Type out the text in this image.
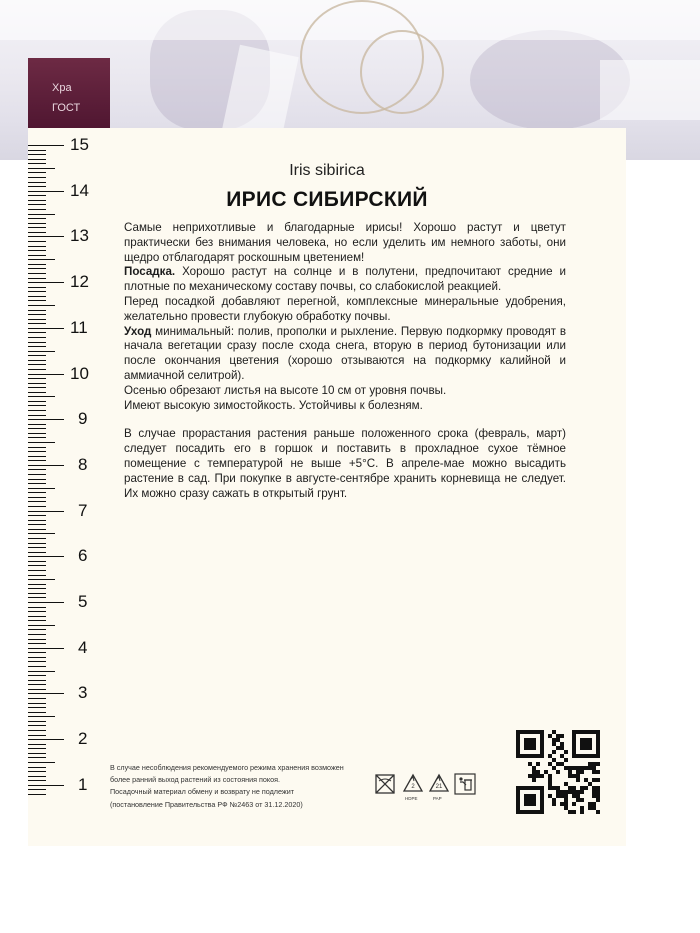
Хра
ГОСТ
15
14
13
12
11
10
9
8
7
6
5
4
3
2
1
Iris sibirica
ИРИС СИБИРСКИЙ

Самые неприхотливые и благодарные ирисы! Хорошо растут и цветут практически без внимания человека, но если уделить им немного заботы, они щедро отблагодарят роскошным цветением!

Посадка. Хорошо растут на солнце и в полутени, предпочитают средние и плотные по механическому составу почвы, со слабокислой реакцией.

Перед посадкой добавляют перегной, комплексные минеральные удобрения, желательно провести глубокую обработку почвы.

Уход минимальный: полив, прополки и рыхление. Первую подкормку проводят в начала вегетации сразу после схода снега, вторую в период бутонизации или после окончания цветения (хорошо отзываются на подкормку калийной и аммиачной селитрой).

Осенью обрезают листья на высоте 10 см от уровня почвы.

Имеют высокую зимостойкость. Устойчивы к болезням.

В случае прорастания растения раньше положенного срока (февраль, март) следует посадить его в горшок и поставить в прохладное сухое тёмное помещение с температурой не выше +5°С. В апреле-мае можно высадить растение в сад. При покупке в августе-сентябре хранить корневища не следует. Их можно сразу сажать в открытый грунт.

В случае несоблюдения рекомендуемого режима хранения возможен

более ранний выход растений из состояния покоя.

Посадочный материал обмену и возврату не подлежит

(постановление Правительства РФ №2463 от 31.12.2020)

2
HDPE
21
PAP
